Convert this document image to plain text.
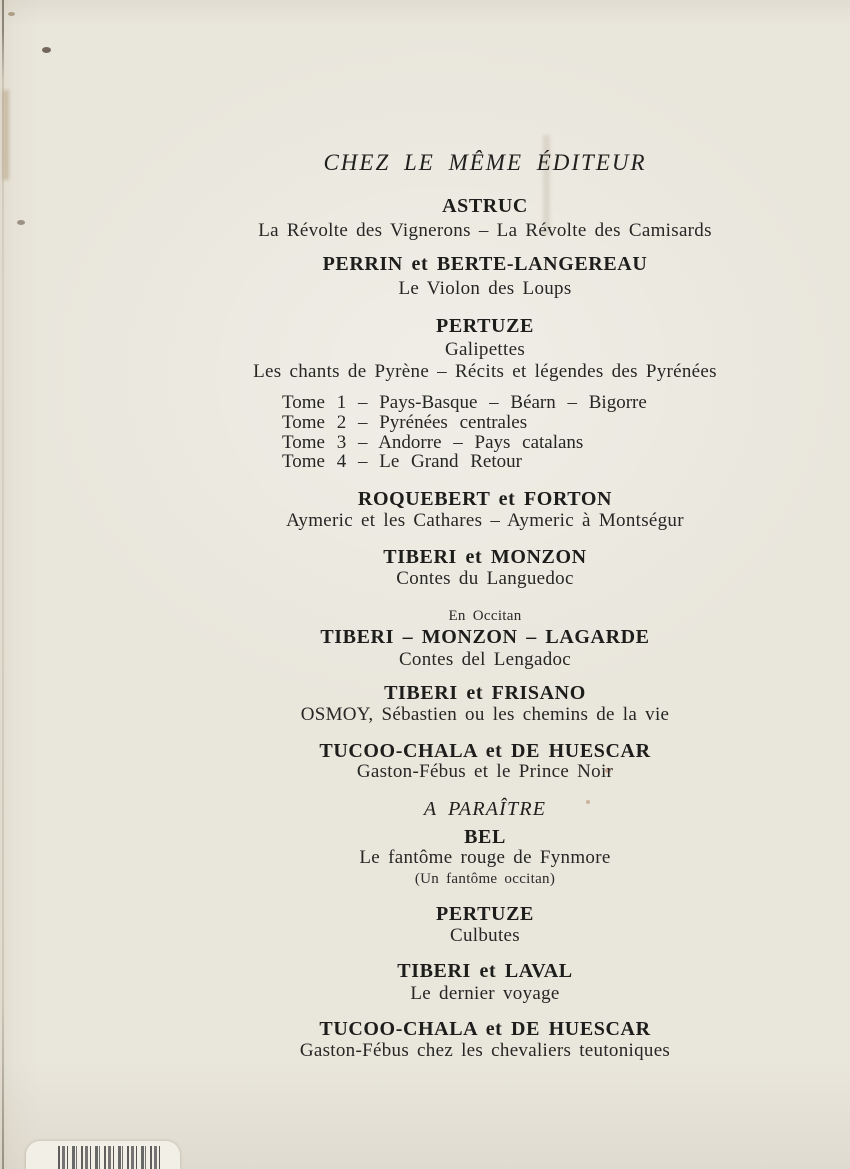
CHEZ LE MÊME ÉDITEUR
ASTRUC
La Révolte des Vignerons – La Révolte des Camisards
PERRIN et BERTE-LANGEREAU
Le Violon des Loups
PERTUZE
Galipettes
Les chants de Pyrène – Récits et légendes des Pyrénées
Tome 1 – Pays-Basque – Béarn – Bigorre
Tome 2 – Pyrénées centrales
Tome 3 – Andorre – Pays catalans
Tome 4 – Le Grand Retour
ROQUEBERT et FORTON
Aymeric et les Cathares – Aymeric à Montségur
TIBERI et MONZON
Contes du Languedoc
En Occitan
TIBERI – MONZON – LAGARDE
Contes del Lengadoc
TIBERI et FRISANO
OSMOY, Sébastien ou les chemins de la vie
TUCOO-CHALA et DE HUESCAR
Gaston-Fébus et le Prince Noir
A PARAÎTRE
BEL
Le fantôme rouge de Fynmore
(Un fantôme occitan)
PERTUZE
Culbutes
TIBERI et LAVAL
Le dernier voyage
TUCOO-CHALA et DE HUESCAR
Gaston-Fébus chez les chevaliers teutoniques
